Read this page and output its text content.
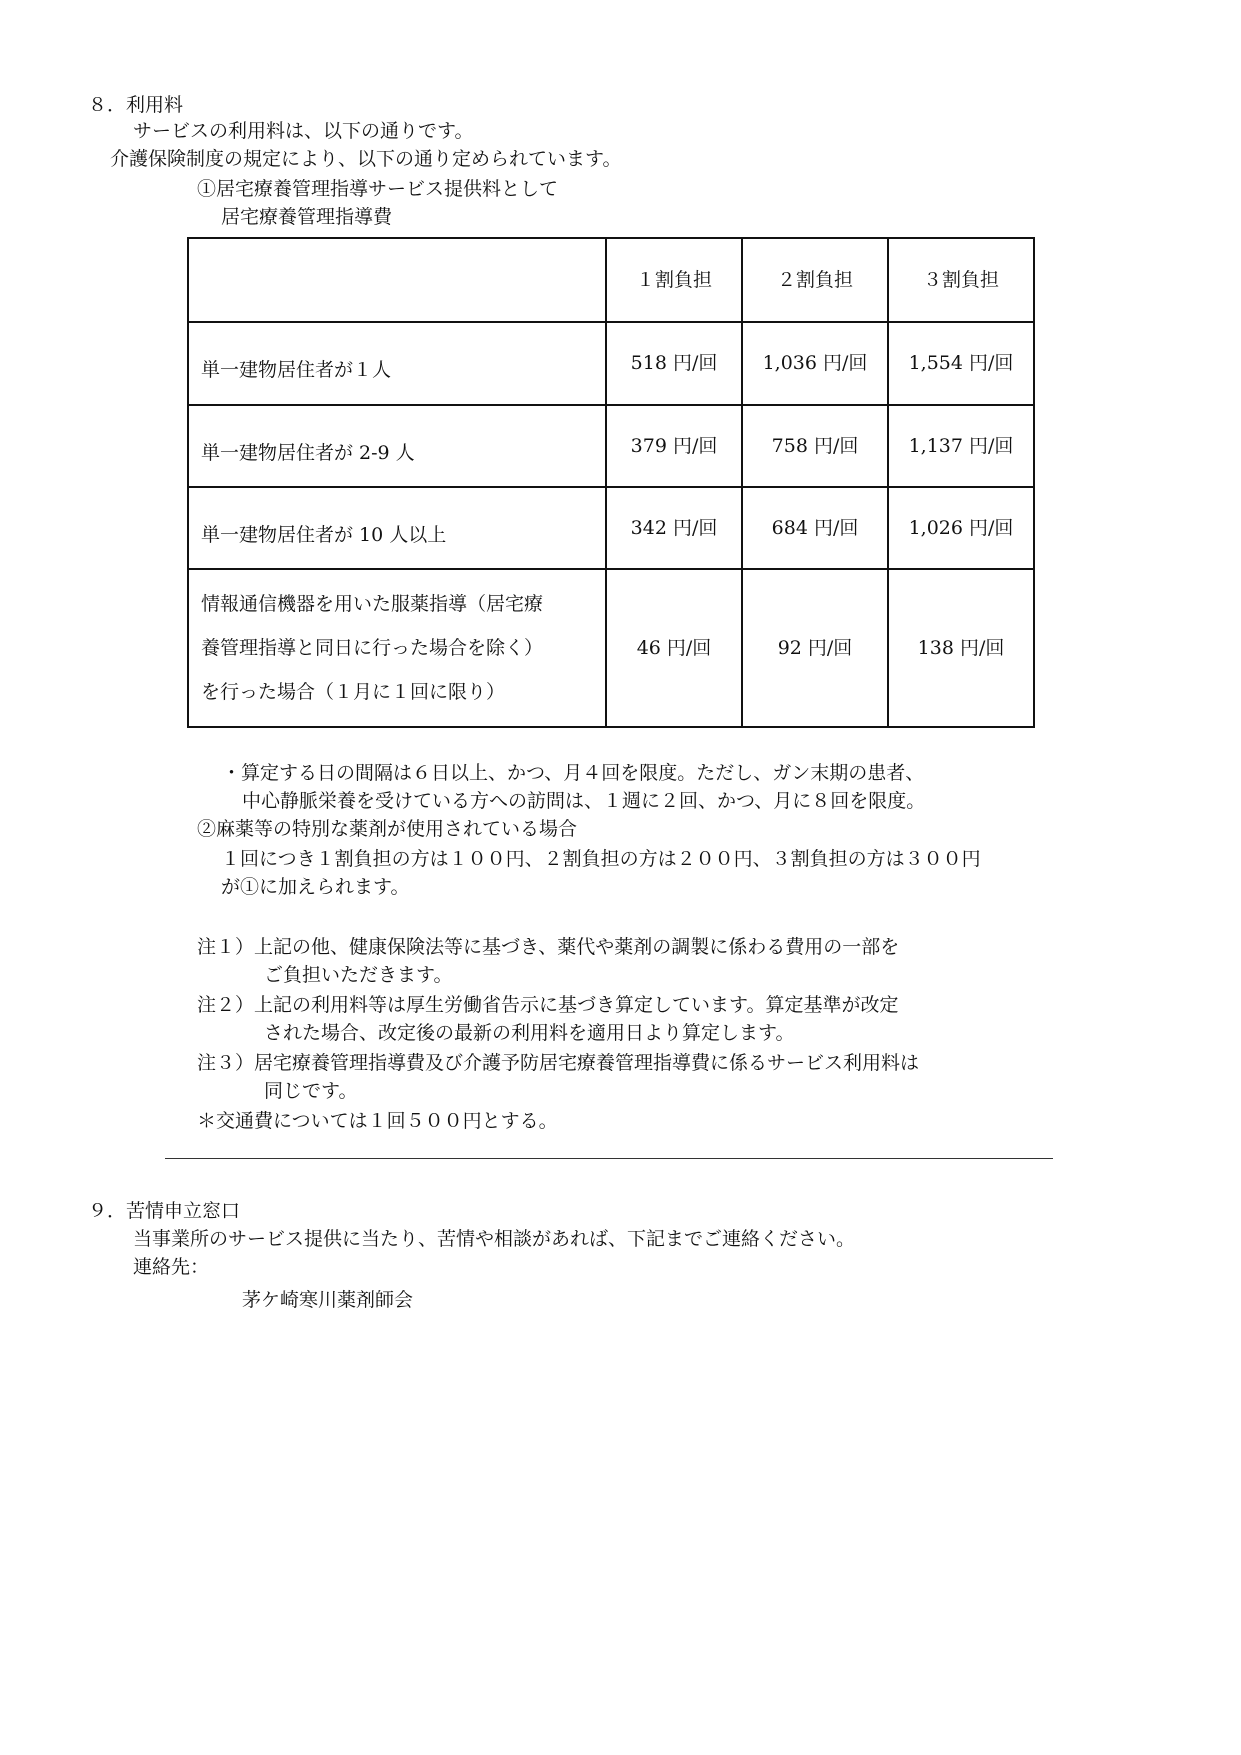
８．利用料
サービスの利用料は、以下の通りです。
介護保険制度の規定により、以下の通り定められています。
①居宅療養管理指導サービス提供料として
居宅療養管理指導費
	１割負担	２割負担	３割負担
単一建物居住者が１人	518 円/回	1,036 円/回	1,554 円/回
単一建物居住者が 2-9 人	379 円/回	758 円/回	1,137 円/回
単一建物居住者が 10 人以上	342 円/回	684 円/回	1,026 円/回

情報通信機器を用いた服薬指導（居宅療
養管理指導と同日に行った場合を除く）
を行った場合（１月に１回に限り）	46 円/回	92 円/回	138 円/回
・算定する日の間隔は６日以上、かつ、月４回を限度。ただし、ガン末期の患者、
中心静脈栄養を受けている方への訪問は、１週に２回、かつ、月に８回を限度。
②麻薬等の特別な薬剤が使用されている場合
１回につき１割負担の方は１００円、２割負担の方は２００円、３割負担の方は３００円
が①に加えられます。
注１）上記の他、健康保険法等に基づき、薬代や薬剤の調製に係わる費用の一部を
ご負担いただきます。
注２）上記の利用料等は厚生労働省告示に基づき算定しています。算定基準が改定
された場合、改定後の最新の利用料を適用日より算定します。
注３）居宅療養管理指導費及び介護予防居宅療養管理指導費に係るサービス利用料は
同じです。
＊交通費については１回５００円とする。
９．苦情申立窓口
当事業所のサービス提供に当たり、苦情や相談があれば、下記までご連絡ください。
連絡先：
茅ケ崎寒川薬剤師会
